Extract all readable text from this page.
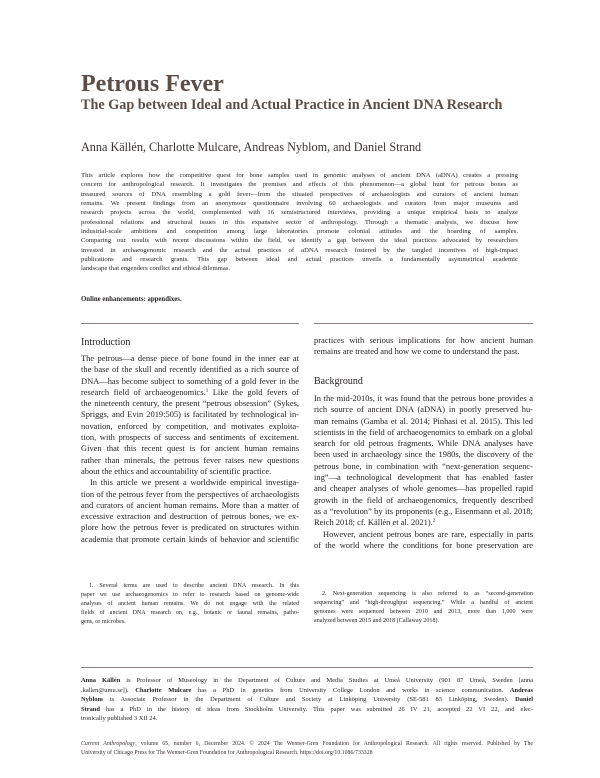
Petrous Fever
The Gap between Ideal and Actual Practice in Ancient DNA Research
Anna Källén, Charlotte Mulcare, Andreas Nyblom, and Daniel Strand
This article explores how the competitive quest for bone samples used in genomic analyses of ancient DNA (aDNA) creates a pressing
concern for anthropological research. It investigates the premises and effects of this phenomenon—a global hunt for petrous bones as
treasured sources of DNA resembling a gold fever—from the situated perspectives of archaeologists and curators of ancient human
remains. We present findings from an anonymous questionnaire involving 60 archaeologists and curators from major museums and
research projects across the world, complemented with 16 semistructured interviews, providing a unique empirical basis to analyze
professional relations and structural issues in this expansive sector of anthropology. Through a thematic analysis, we discuss how
industrial-scale ambitions and competition among large laboratories promote colonial attitudes and the hoarding of samples.
Comparing our results with recent discussions within the field, we identify a gap between the ideal practices advocated by researchers
invested in archaeogenomic research and the actual practices of aDNA research fostered by the tangled incentives of high-impact
publications and research grants. This gap between ideal and actual practices unveils a fundamentally asymmetrical academic
landscape that engenders conflict and ethical dilemmas.
Online enhancements: appendixes.
Introduction
The petrous—a dense piece of bone found in the inner ear at
the base of the skull and recently identified as a rich source of
DNA—has become subject to something of a gold fever in the
research field of archaeogenomics.$^1$ Like the gold fevers of
the nineteenth century, the present “petrous obsession” (Sykes,
Spriggs, and Evin 2019:505) is facilitated by technological in-
novation, enforced by competition, and motivates exploita-
tion, with prospects of success and sentiments of excitement.
Given that this recent quest is for ancient human remains
rather than minerals, the petrous fever raises new questions
about the ethics and accountability of scientific practice.
In this article we present a worldwide empirical investiga-
tion of the petrous fever from the perspectives of archaeologists
and curators of ancient human remains. More than a matter of
excessive extraction and destruction of petrous bones, we ex-
plore how the petrous fever is predicated on structures within
academia that promote certain kinds of behavior and scientific
practices with serious implications for how ancient human
remains are treated and how we come to understand the past.
Background
In the mid-2010s, it was found that the petrous bone provides a
rich source of ancient DNA (aDNA) in poorly preserved hu-
man remains (Gamba et al. 2014; Pinhasi et al. 2015). This led
scientists in the field of archaeogenomics to embark on a global
search for old petrous fragments. While DNA analyses have
been used in archaeology since the 1980s, the discovery of the
petrous bone, in combination with “next-generation sequenc-
ing”—a technological development that has enabled faster
and cheaper analyses of whole genomes—has propelled rapid
growth in the field of archaeogenomics, frequently described
as a “revolution” by its proponents (e.g., Eisenmann et al. 2018;
Reich 2018; cf. Källén et al. 2021).$^2$
However, ancient petrous bones are rare, especially in parts
of the world where the conditions for bone preservation are
1. Several terms are used to describe ancient DNA research. In this
paper we use archaeogenomics to refer to research based on genome-wide
analyses of ancient human remains. We do not engage with the related
fields of ancient DNA research on, e.g., botanic or faunal remains, patho-
gens, or microbes.
2. Next-generation sequencing is also referred to as “second-generation
sequencing” and “high-throughput sequencing.” While a handful of ancient
genomes were sequenced between 2010 and 2013, more than 1,000 were
analyzed between 2015 and 2018 (Callaway 2018).
Anna Källén is Professor of Museology in the Department of Culture and Media Studies at Umeå University (901 87 Umeå, Sweden [anna
.kallen@umu.se]). Charlotte Mulcare has a PhD in genetics from University College London and works in science communication. Andreas
Nyblom is Associate Professor in the Department of Culture and Society at Linköping University (SE-581 83 Linköping, Sweden). Daniel
Strand has a PhD in the history of ideas from Stockholm University. This paper was submitted 26 IV 21, accepted 22 VI 22, and elec-
tronically published 3 XII 24.
Current Anthropology, volume 65, number 6, December 2024. © 2024 The Wenner-Gren Foundation for Anthropological Research. All rights reserved. Published by The
University of Chicago Press for The Wenner-Gren Foundation for Anthropological Research. https://doi.org/10.1086/733328
